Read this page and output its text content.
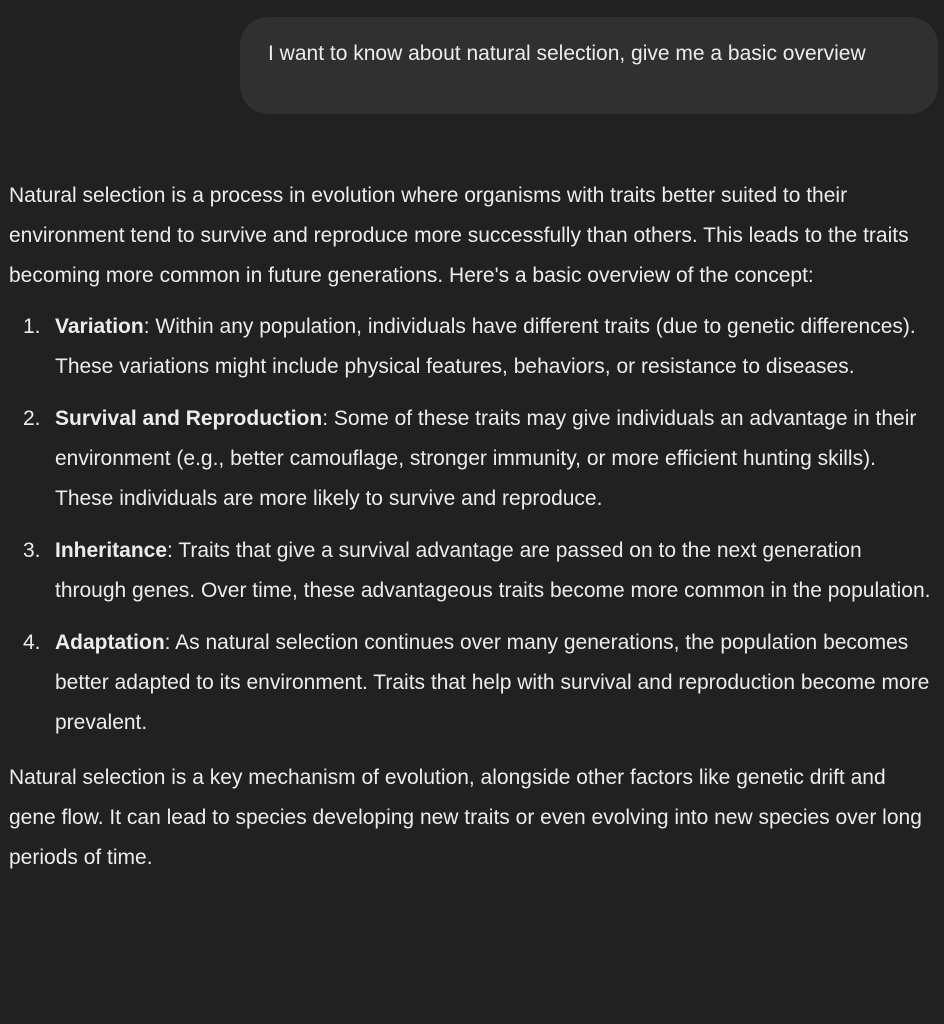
I want to know about natural selection, give me a basic overview

Natural selection is a process in evolution where organisms with traits better suited to their environment tend to survive and reproduce more successfully than others. This leads to the traits becoming more common in future generations. Here's a basic overview of the concept:

1. Variation: Within any population, individuals have different traits (due to genetic differences). These variations might include physical features, behaviors, or resistance to diseases.
2. Survival and Reproduction: Some of these traits may give individuals an advantage in their environment (e.g., better camouflage, stronger immunity, or more efficient hunting skills). These individuals are more likely to survive and reproduce.
3. Inheritance: Traits that give a survival advantage are passed on to the next generation through genes. Over time, these advantageous traits become more common in the population.
4. Adaptation: As natural selection continues over many generations, the population becomes better adapted to its environment. Traits that help with survival and reproduction become more prevalent.

Natural selection is a key mechanism of evolution, alongside other factors like genetic drift and gene flow. It can lead to species developing new traits or even evolving into new species over long periods of time.
